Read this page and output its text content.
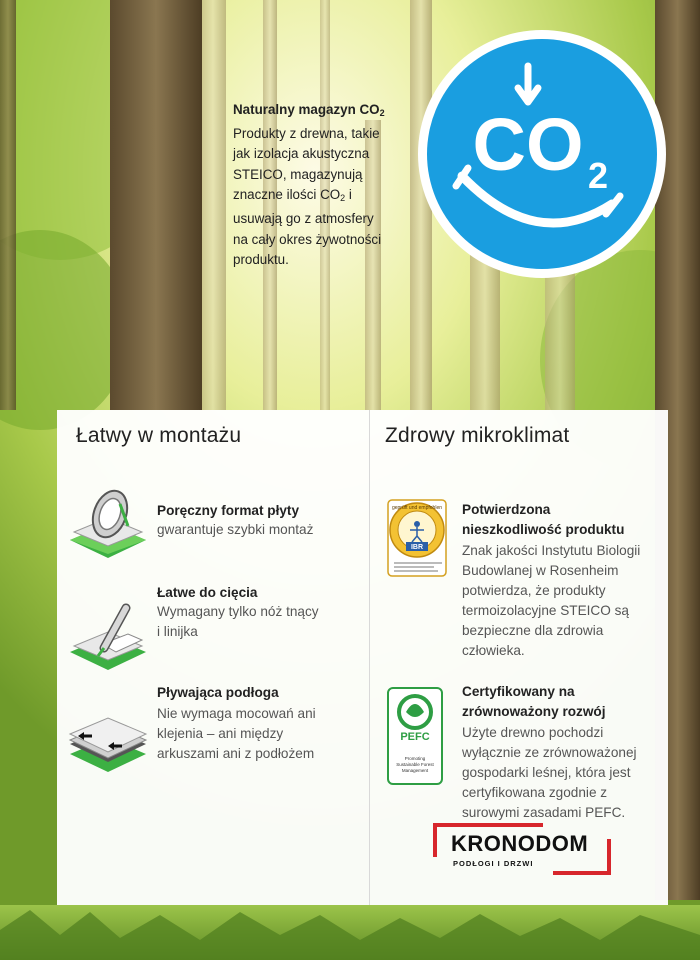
Naturalny magazyn $CO_2$
Produkty z drewna, takie
jak izolacja akustyczna
STEICO, magazynują
znaczne ilości $CO_2$ i
usuwają go z atmosfery
na cały okres żywotności
produktu.
CO 2
Łatwy w montażu
Poręczny format płyty
gwarantuje szybki montaż
Łatwe do cięcia
Wymagany tylko nóż tnący
i linijka
Pływająca podłoga
Nie wymaga mocowań ani
klejenia – ani między
arkuszami ani z podłożem
Zdrowy mikroklimat
geprüft und empfohlen
IBR
Potwierdzona
nieszkodliwość produktu
Znak jakości Instytutu Biologii
Budowlanej w Rosenheim
potwierdza, że produkty
termoizolacyjne STEICO są
bezpieczne dla zdrowia
człowieka.
PEFC
Promoting
Sustainable Forest
Management
Certyfikowany na
zrównoważony rozwój
Użyte drewno pochodzi
wyłącznie ze zrównoważonej
gospodarki leśnej, która jest
certyfikowana zgodnie z
surowymi zasadami PEFC.
KRONODOM
PODŁOGI I DRZWI
